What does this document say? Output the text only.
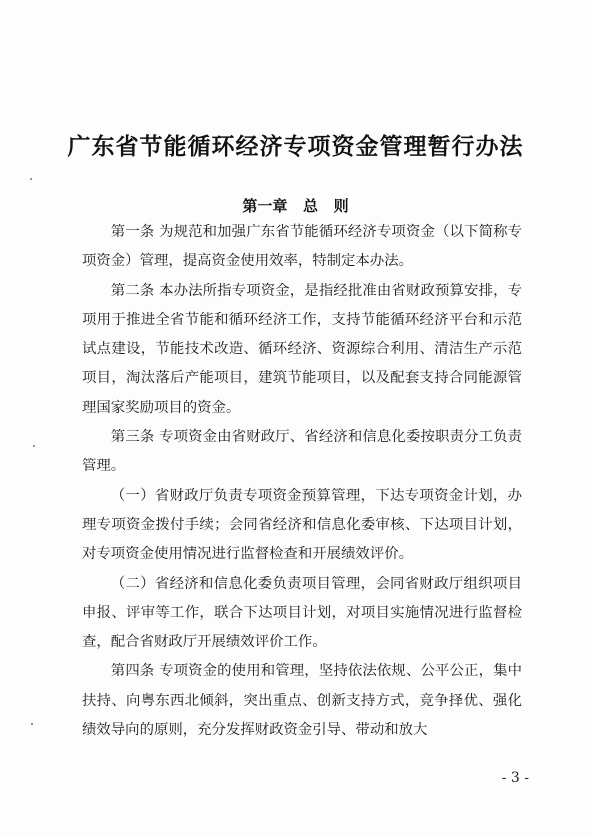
广东省节能循环经济专项资金管理暂行办法
第一章   总   则

第一条 为规范和加强广东省节能循环经济专项资金（以下简称专项资金）管理，提高资金使用效率，特制定本办法。

第二条 本办法所指专项资金，是指经批准由省财政预算安排，专项用于推进全省节能和循环经济工作，支持节能循环经济平台和示范试点建设，节能技术改造、循环经济、资源综合利用、清洁生产示范项目，淘汰落后产能项目，建筑节能项目，以及配套支持合同能源管理国家奖励项目的资金。

第三条 专项资金由省财政厅、省经济和信息化委按职责分工负责管理。

（一）省财政厅负责专项资金预算管理，下达专项资金计划，办理专项资金拨付手续；会同省经济和信息化委审核、下达项目计划，对专项资金使用情况进行监督检查和开展绩效评价。

（二）省经济和信息化委负责项目管理，会同省财政厅组织项目申报、评审等工作，联合下达项目计划，对项目实施情况进行监督检查，配合省财政厅开展绩效评价工作。

第四条 专项资金的使用和管理，坚持依法依规、公平公正，集中扶持、向粤东西北倾斜，突出重点、创新支持方式，竞争择优、强化绩效导向的原则，充分发挥财政资金引导、带动和放大

- 3 -
